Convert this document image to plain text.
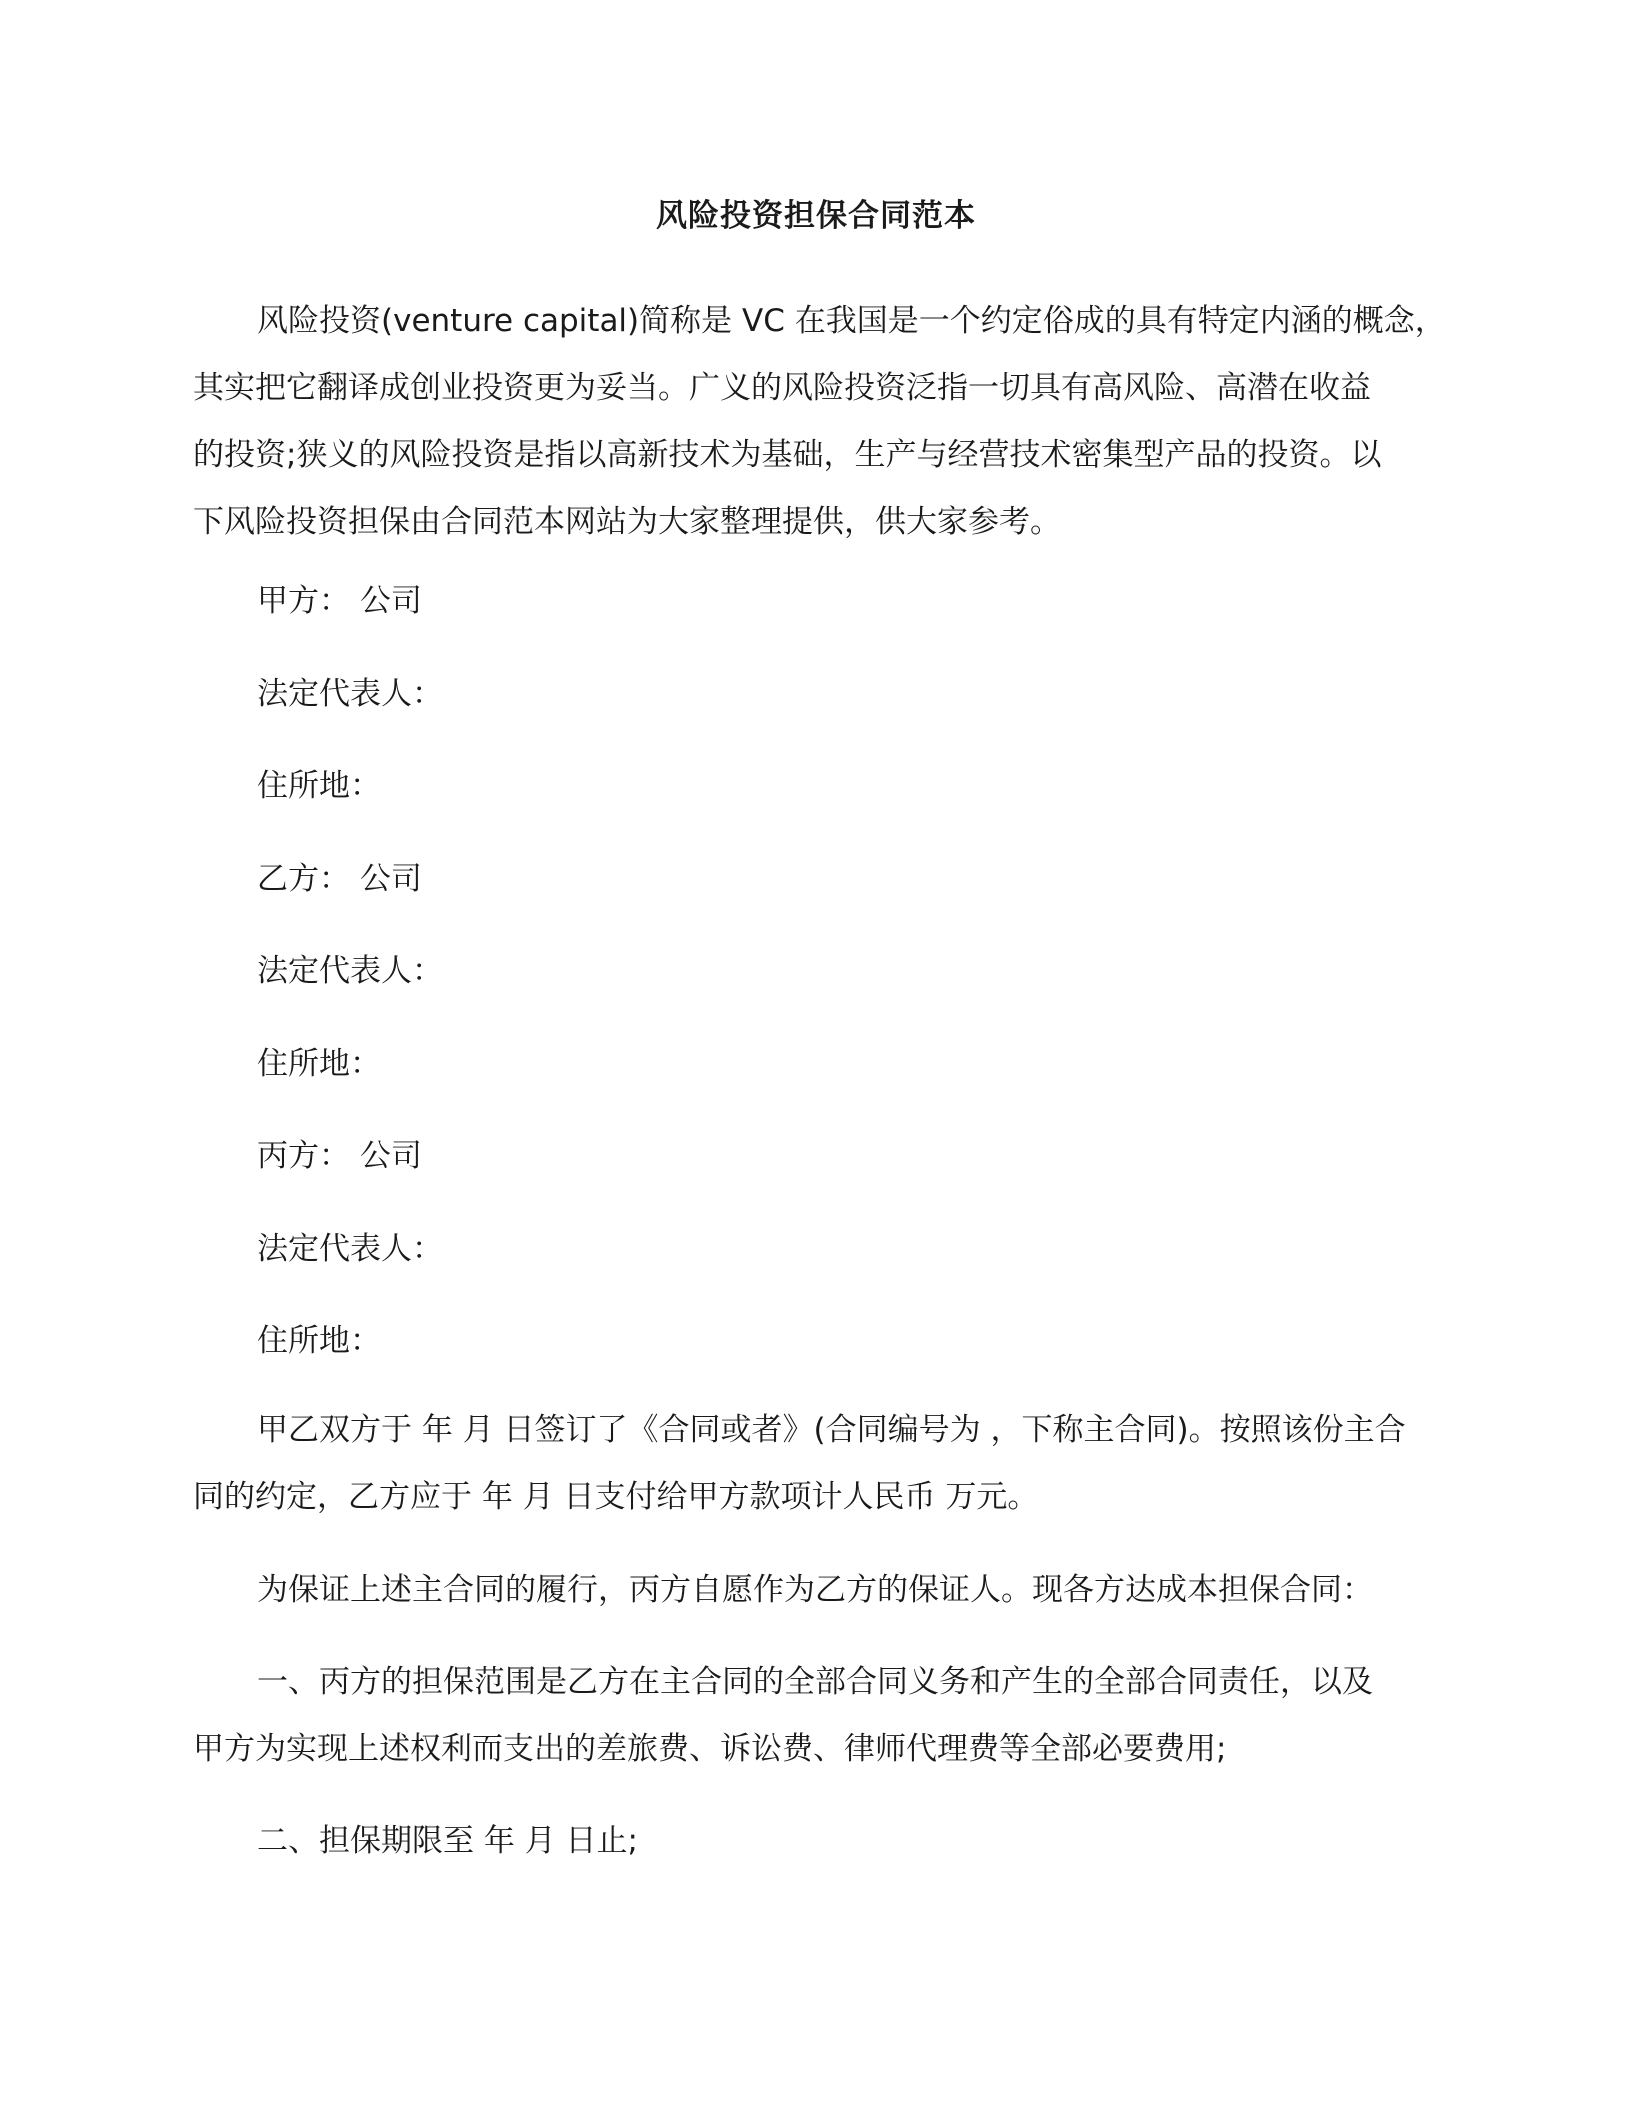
风险投资担保合同范本
风险投资(venture capital)简称是 VC 在我国是一个约定俗成的具有特定内涵的概念，
其实把它翻译成创业投资更为妥当。广义的风险投资泛指一切具有高风险、高潜在收益
的投资;狭义的风险投资是指以高新技术为基础，生产与经营技术密集型产品的投资。以
下风险投资担保由合同范本网站为大家整理提供，供大家参考。
甲方： 公司
法定代表人：
住所地：
乙方： 公司
法定代表人：
住所地：
丙方： 公司
法定代表人：
住所地：
甲乙双方于 年 月 日签订了《合同或者》(合同编号为 ，下称主合同)。按照该份主合
同的约定，乙方应于 年 月 日支付给甲方款项计人民币 万元。
为保证上述主合同的履行，丙方自愿作为乙方的保证人。现各方达成本担保合同：
一、丙方的担保范围是乙方在主合同的全部合同义务和产生的全部合同责任，以及
甲方为实现上述权利而支出的差旅费、诉讼费、律师代理费等全部必要费用;
二、担保期限至 年 月 日止;
